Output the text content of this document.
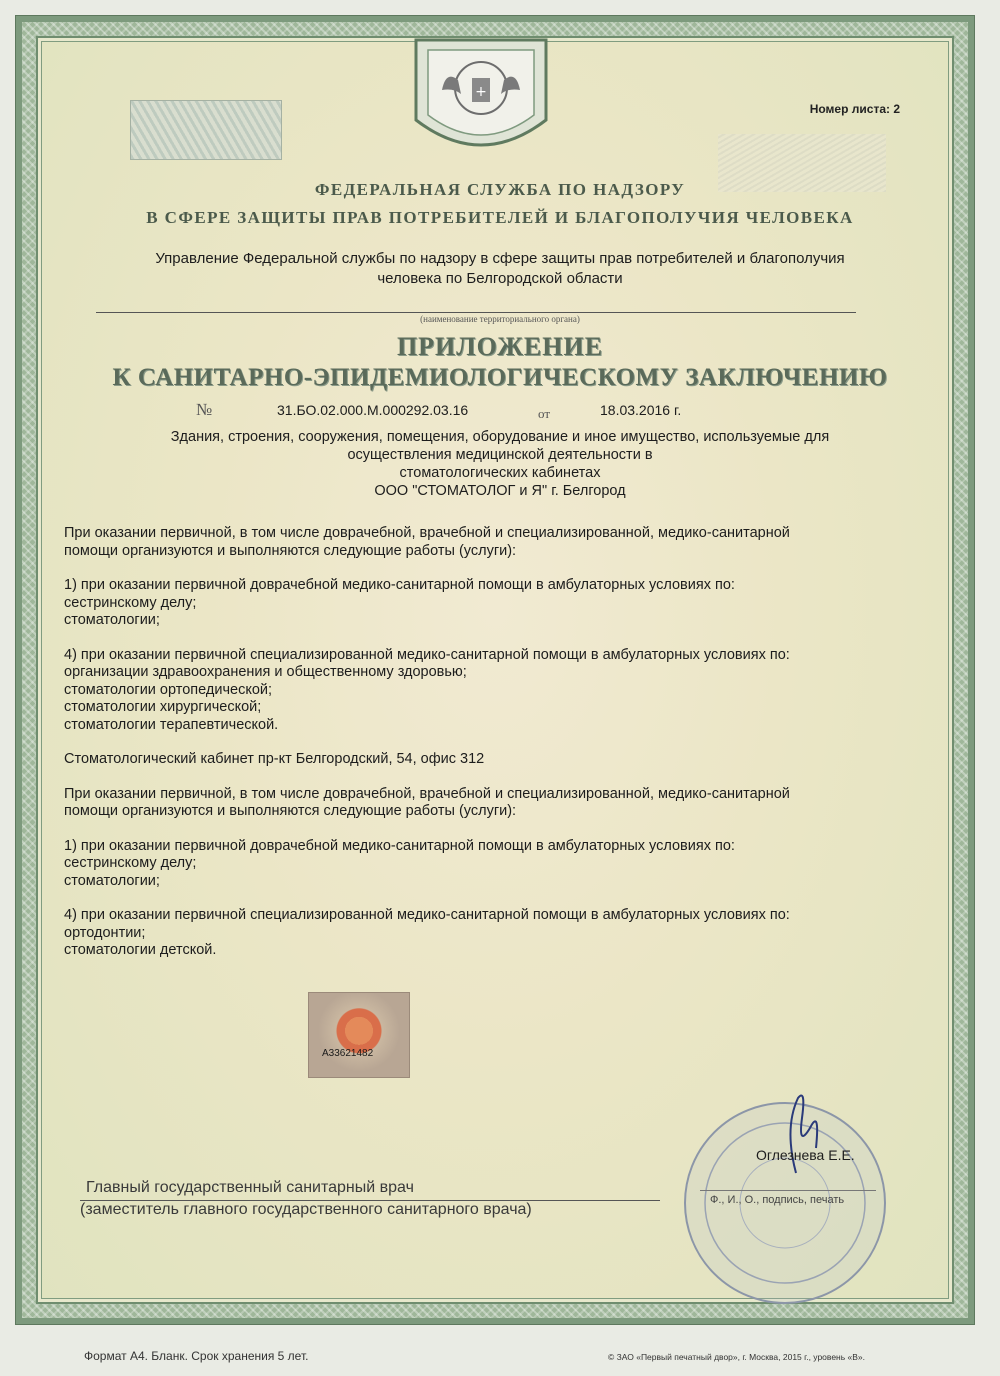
+
Номер листа: 2
ФЕДЕРАЛЬНАЯ СЛУЖБА ПО НАДЗОРУ
В СФЕРЕ ЗАЩИТЫ ПРАВ ПОТРЕБИТЕЛЕЙ И БЛАГОПОЛУЧИЯ ЧЕЛОВЕКА
Управление Федеральной службы по надзору в сфере защиты прав потребителей и благополучия
человека по Белгородской области
(наименование территориального органа)
ПРИЛОЖЕНИЕ
К САНИТАРНО-ЭПИДЕМИОЛОГИЧЕСКОМУ ЗАКЛЮЧЕНИЮ
№	31.БО.02.000.М.000292.03.16	от	18.03.2016 г.
Здания, строения, сооружения, помещения, оборудование и иное имущество, используемые для
осуществления медицинской деятельности в
стоматологических кабинетах
ООО "СТОМАТОЛОГ и Я" г. Белгород
При оказании первичной, в том числе доврачебной, врачебной и специализированной, медико-санитарной
помощи организуются и выполняются следующие работы (услуги):
1) при оказании первичной доврачебной медико-санитарной помощи в амбулаторных условиях по:
сестринскому делу;
стоматологии;
4) при оказании первичной специализированной медико-санитарной помощи в амбулаторных условиях по:
организации здравоохранения и общественному здоровью;
стоматологии ортопедической;
стоматологии хирургической;
стоматологии терапевтической.
Стоматологический кабинет пр-кт Белгородский, 54, офис 312
При оказании первичной, в том числе доврачебной, врачебной и специализированной, медико-санитарной
помощи организуются и выполняются следующие работы (услуги):
1) при оказании первичной доврачебной медико-санитарной помощи в амбулаторных условиях по:
сестринскому делу;
стоматологии;
4) при оказании первичной специализированной медико-санитарной помощи в амбулаторных условиях по:
ортодонтии;
стоматологии детской.
А33621482
Оглезнева Е.Е.
Ф., И., О., подпись, печать
Главный государственный санитарный врач
(заместитель главного государственного санитарного врача)
Формат А4. Бланк. Срок хранения 5 лет.	© ЗАО «Первый печатный двор», г. Москва, 2015 г., уровень «В».
